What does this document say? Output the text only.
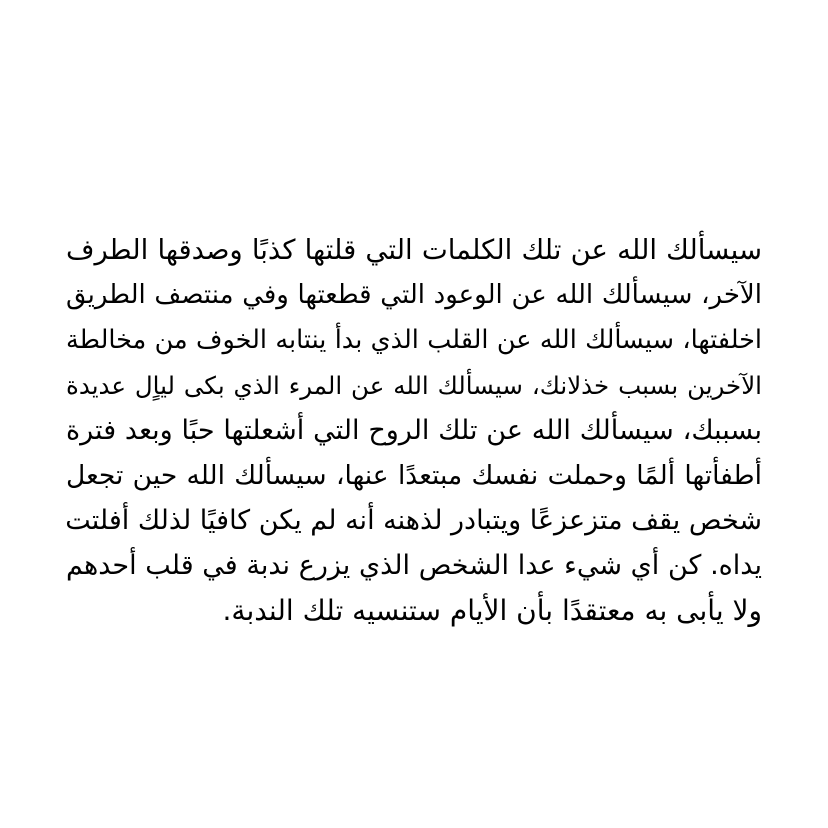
سيسألك الله عن تلك الكلمات التي قلتها كذبًا وصدقها الطرف
الآخر، سيسألك الله عن الوعود التي قطعتها وفي منتصف الطريق
اخلفتها، سيسألك الله عن القلب الذي بدأ ينتابه الخوف من مخالطة
الآخرين بسبب خذلانك، سيسألك الله عن المرء الذي بكى لياٍل عديدة
بسببك، سيسألك الله عن تلك الروح التي أشعلتها حبًا وبعد فترة
أطفأتها ألمًا وحملت نفسك مبتعدًا عنها، سيسألك الله حين تجعل
شخص يقف متزعزعًا ويتبادر لذهنه أنه لم يكن كافيًا لذلك أفلتت
يداه. كن أي شيء عدا الشخص الذي يزرع ندبة في قلب أحدهم
ولا يأبى به معتقدًا بأن الأيام ستنسيه تلك الندبة.
